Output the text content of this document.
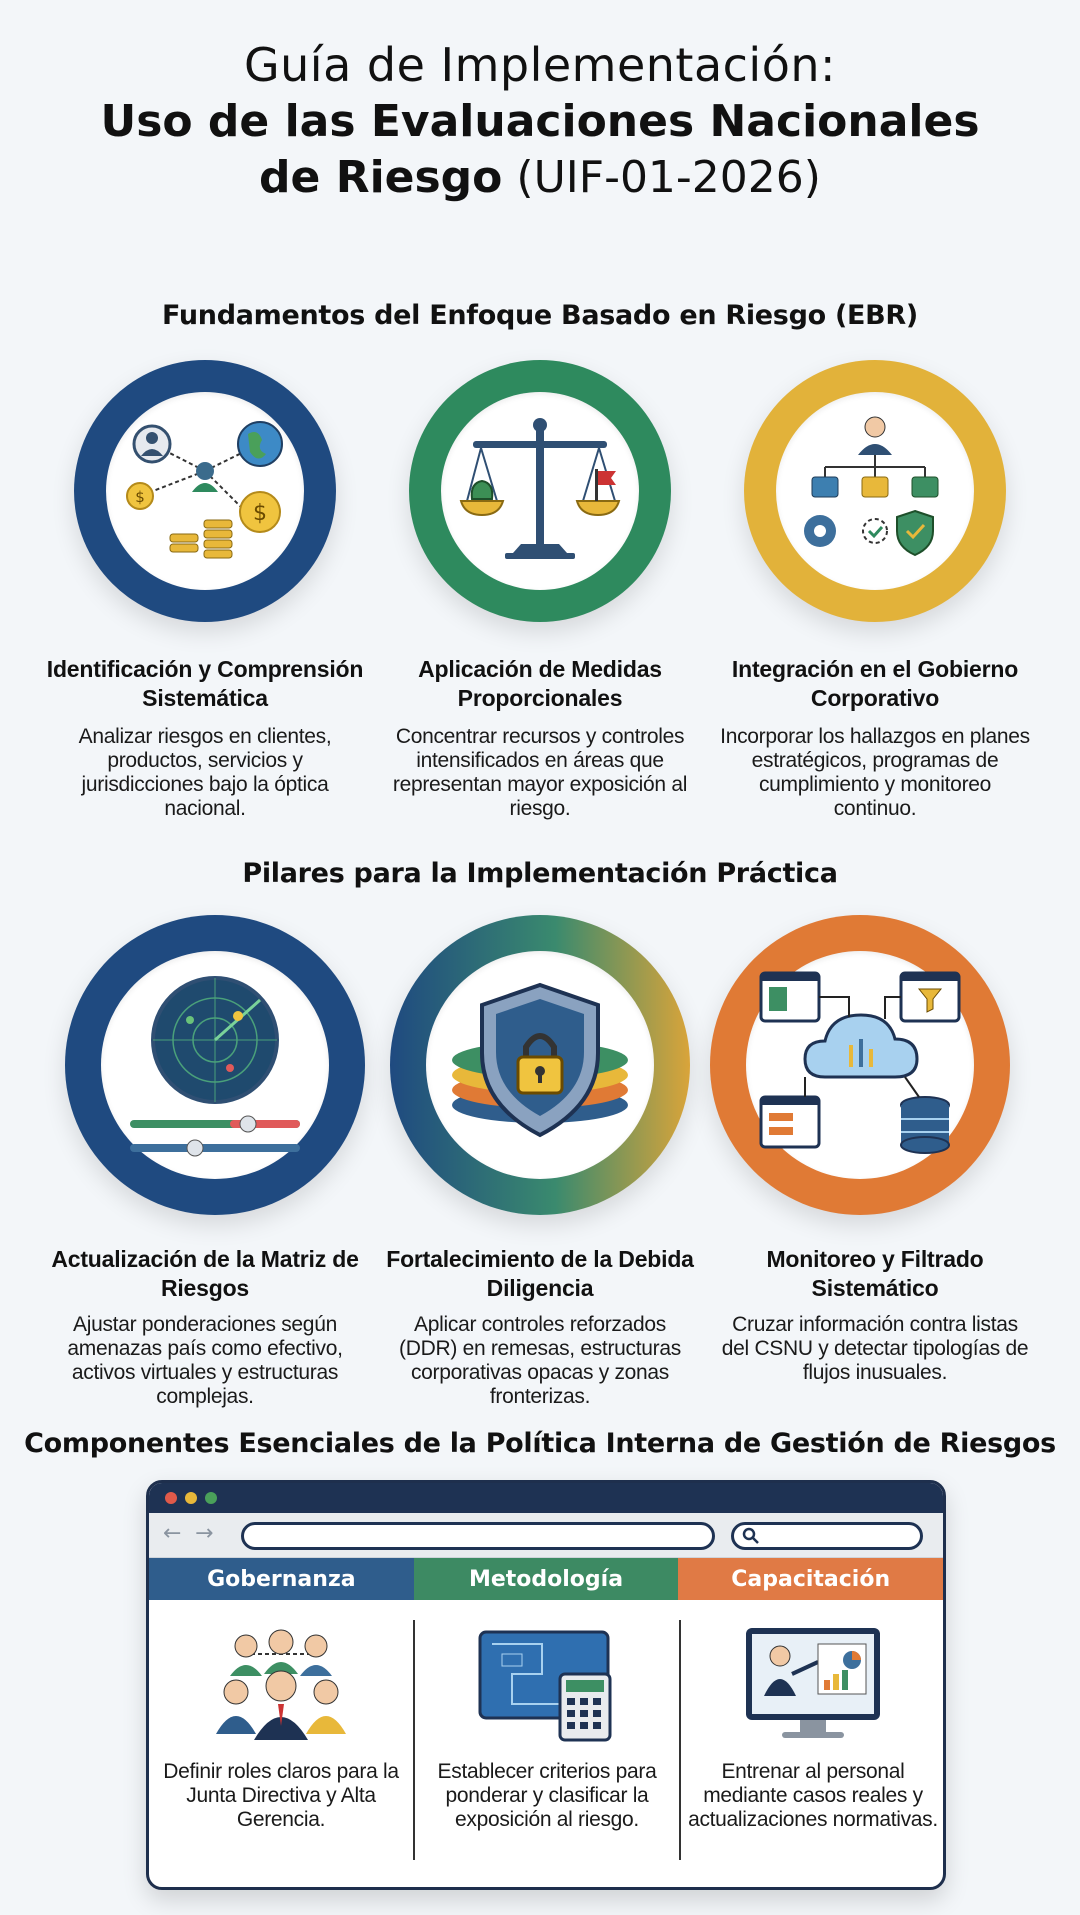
Guía de Implementación:
Uso de las Evaluaciones Nacionales
de Riesgo (UIF-01-2026)
Fundamentos del Enfoque Basado en Riesgo (EBR)
$
$
Identificación y Comprensión Sistemática

Analizar riesgos en clientes, productos, servicios y jurisdicciones bajo la óptica nacional.

Aplicación de Medidas Proporcionales

Concentrar recursos y controles intensificados en áreas que representan mayor exposición al riesgo.

Integración en el Gobierno Corporativo

Incorporar los hallazgos en planes estratégicos, programas de cumplimiento y monitoreo continuo.

Pilares para la Implementación Práctica
Actualización de la Matriz de Riesgos

Ajustar ponderaciones según amenazas país como efectivo, activos virtuales y estructuras complejas.

Fortalecimiento de la Debida Diligencia

Aplicar controles reforzados (DDR) en remesas, estructuras corporativas opacas y zonas fronterizas.

Monitoreo y Filtrado Sistemático

Cruzar información contra listas del CSNU y detectar tipologías de flujos inusuales.

Componentes Esenciales de la Política Interna de Gestión de Riesgos
← →
Gobernanza	Metodología	Capacitación

Definir roles claros para la Junta Directiva y Alta Gerencia.

Establecer criterios para ponderar y clasificar la exposición al riesgo.

Entrenar al personal mediante casos reales y actualizaciones normativas.
